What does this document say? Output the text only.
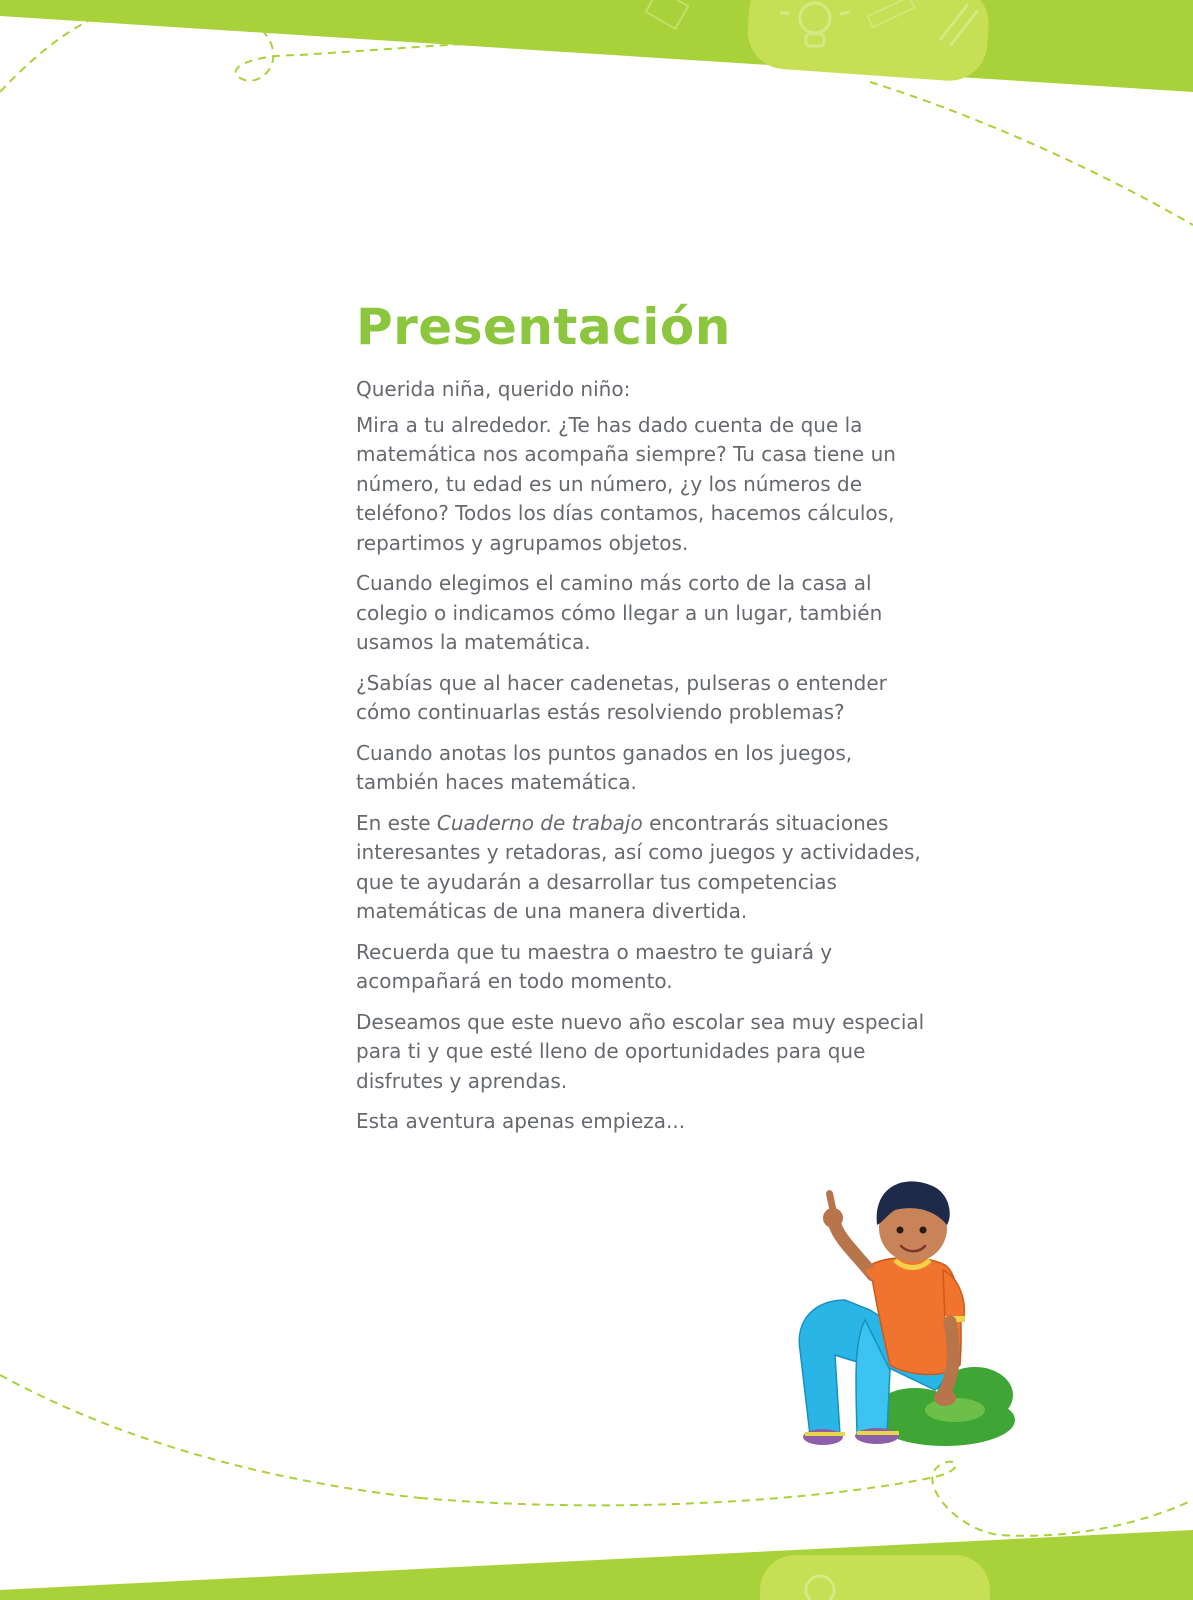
Presentación

Querida niña, querido niño:

Mira a tu alrededor. ¿Te has dado cuenta de que la matemática nos acompaña siempre? Tu casa tiene un número, tu edad es un número, ¿y los números de teléfono? Todos los días contamos, hacemos cálculos, repartimos y agrupamos objetos.

Cuando elegimos el camino más corto de la casa al colegio o indicamos cómo llegar a un lugar, también usamos la matemática.

¿Sabías que al hacer cadenetas, pulseras o entender cómo continuarlas estás resolviendo problemas?

Cuando anotas los puntos ganados en los juegos, también haces matemática.

En este Cuaderno de trabajo encontrarás situaciones interesantes y retadoras, así como juegos y actividades, que te ayudarán a desarrollar tus competencias matemáticas de una manera divertida.

Recuerda que tu maestra o maestro te guiará y acompañará en todo momento.

Deseamos que este nuevo año escolar sea muy especial para ti y que esté lleno de oportunidades para que disfrutes y aprendas.

Esta aventura apenas empieza...
